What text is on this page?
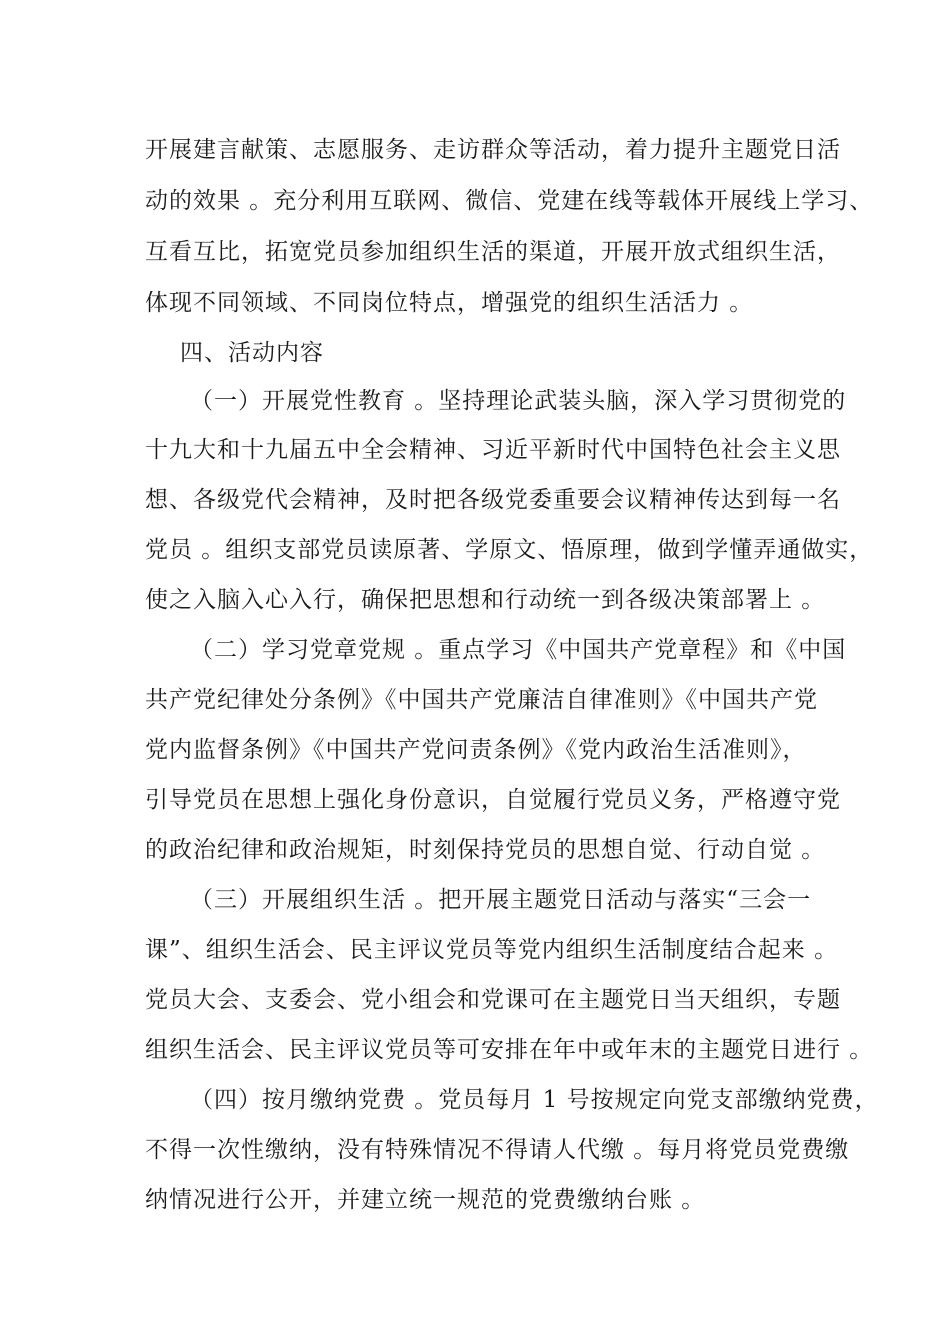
开展建言献策、志愿服务、走访群众等活动，着力提升主题党日活
动的效果 。充分利用互联网、微信、党建在线等载体开展线上学习、
互看互比，拓宽党员参加组织生活的渠道，开展开放式组织生活，
体现不同领域、不同岗位特点，增强党的组织生活活力 。
四、活动内容
（一）开展党性教育 。坚持理论武装头脑，深入学习贯彻党的
十九大和十九届五中全会精神、习近平新时代中国特色社会主义思
想、各级党代会精神，及时把各级党委重要会议精神传达到每一名
党员 。组织支部党员读原著、学原文、悟原理，做到学懂弄通做实，
使之入脑入心入行，确保把思想和行动统一到各级决策部署上 。
（二）学习党章党规 。重点学习《中国共产党章程》和《中国
共产党纪律处分条例》《中国共产党廉洁自律准则》《中国共产党
党内监督条例》《中国共产党问责条例》《党内政治生活准则》，
引导党员在思想上强化身份意识，自觉履行党员义务，严格遵守党
的政治纪律和政治规矩，时刻保持党员的思想自觉、行动自觉 。
（三）开展组织生活 。把开展主题党日活动与落实“三会一
课”、组织生活会、民主评议党员等党内组织生活制度结合起来 。
党员大会、支委会、党小组会和党课可在主题党日当天组织，专题
组织生活会、民主评议党员等可安排在年中或年末的主题党日进行 。
（四）按月缴纳党费 。党员每月 1 号按规定向党支部缴纳党费，
不得一次性缴纳，没有特殊情况不得请人代缴 。每月将党员党费缴
纳情况进行公开，并建立统一规范的党费缴纳台账 。
